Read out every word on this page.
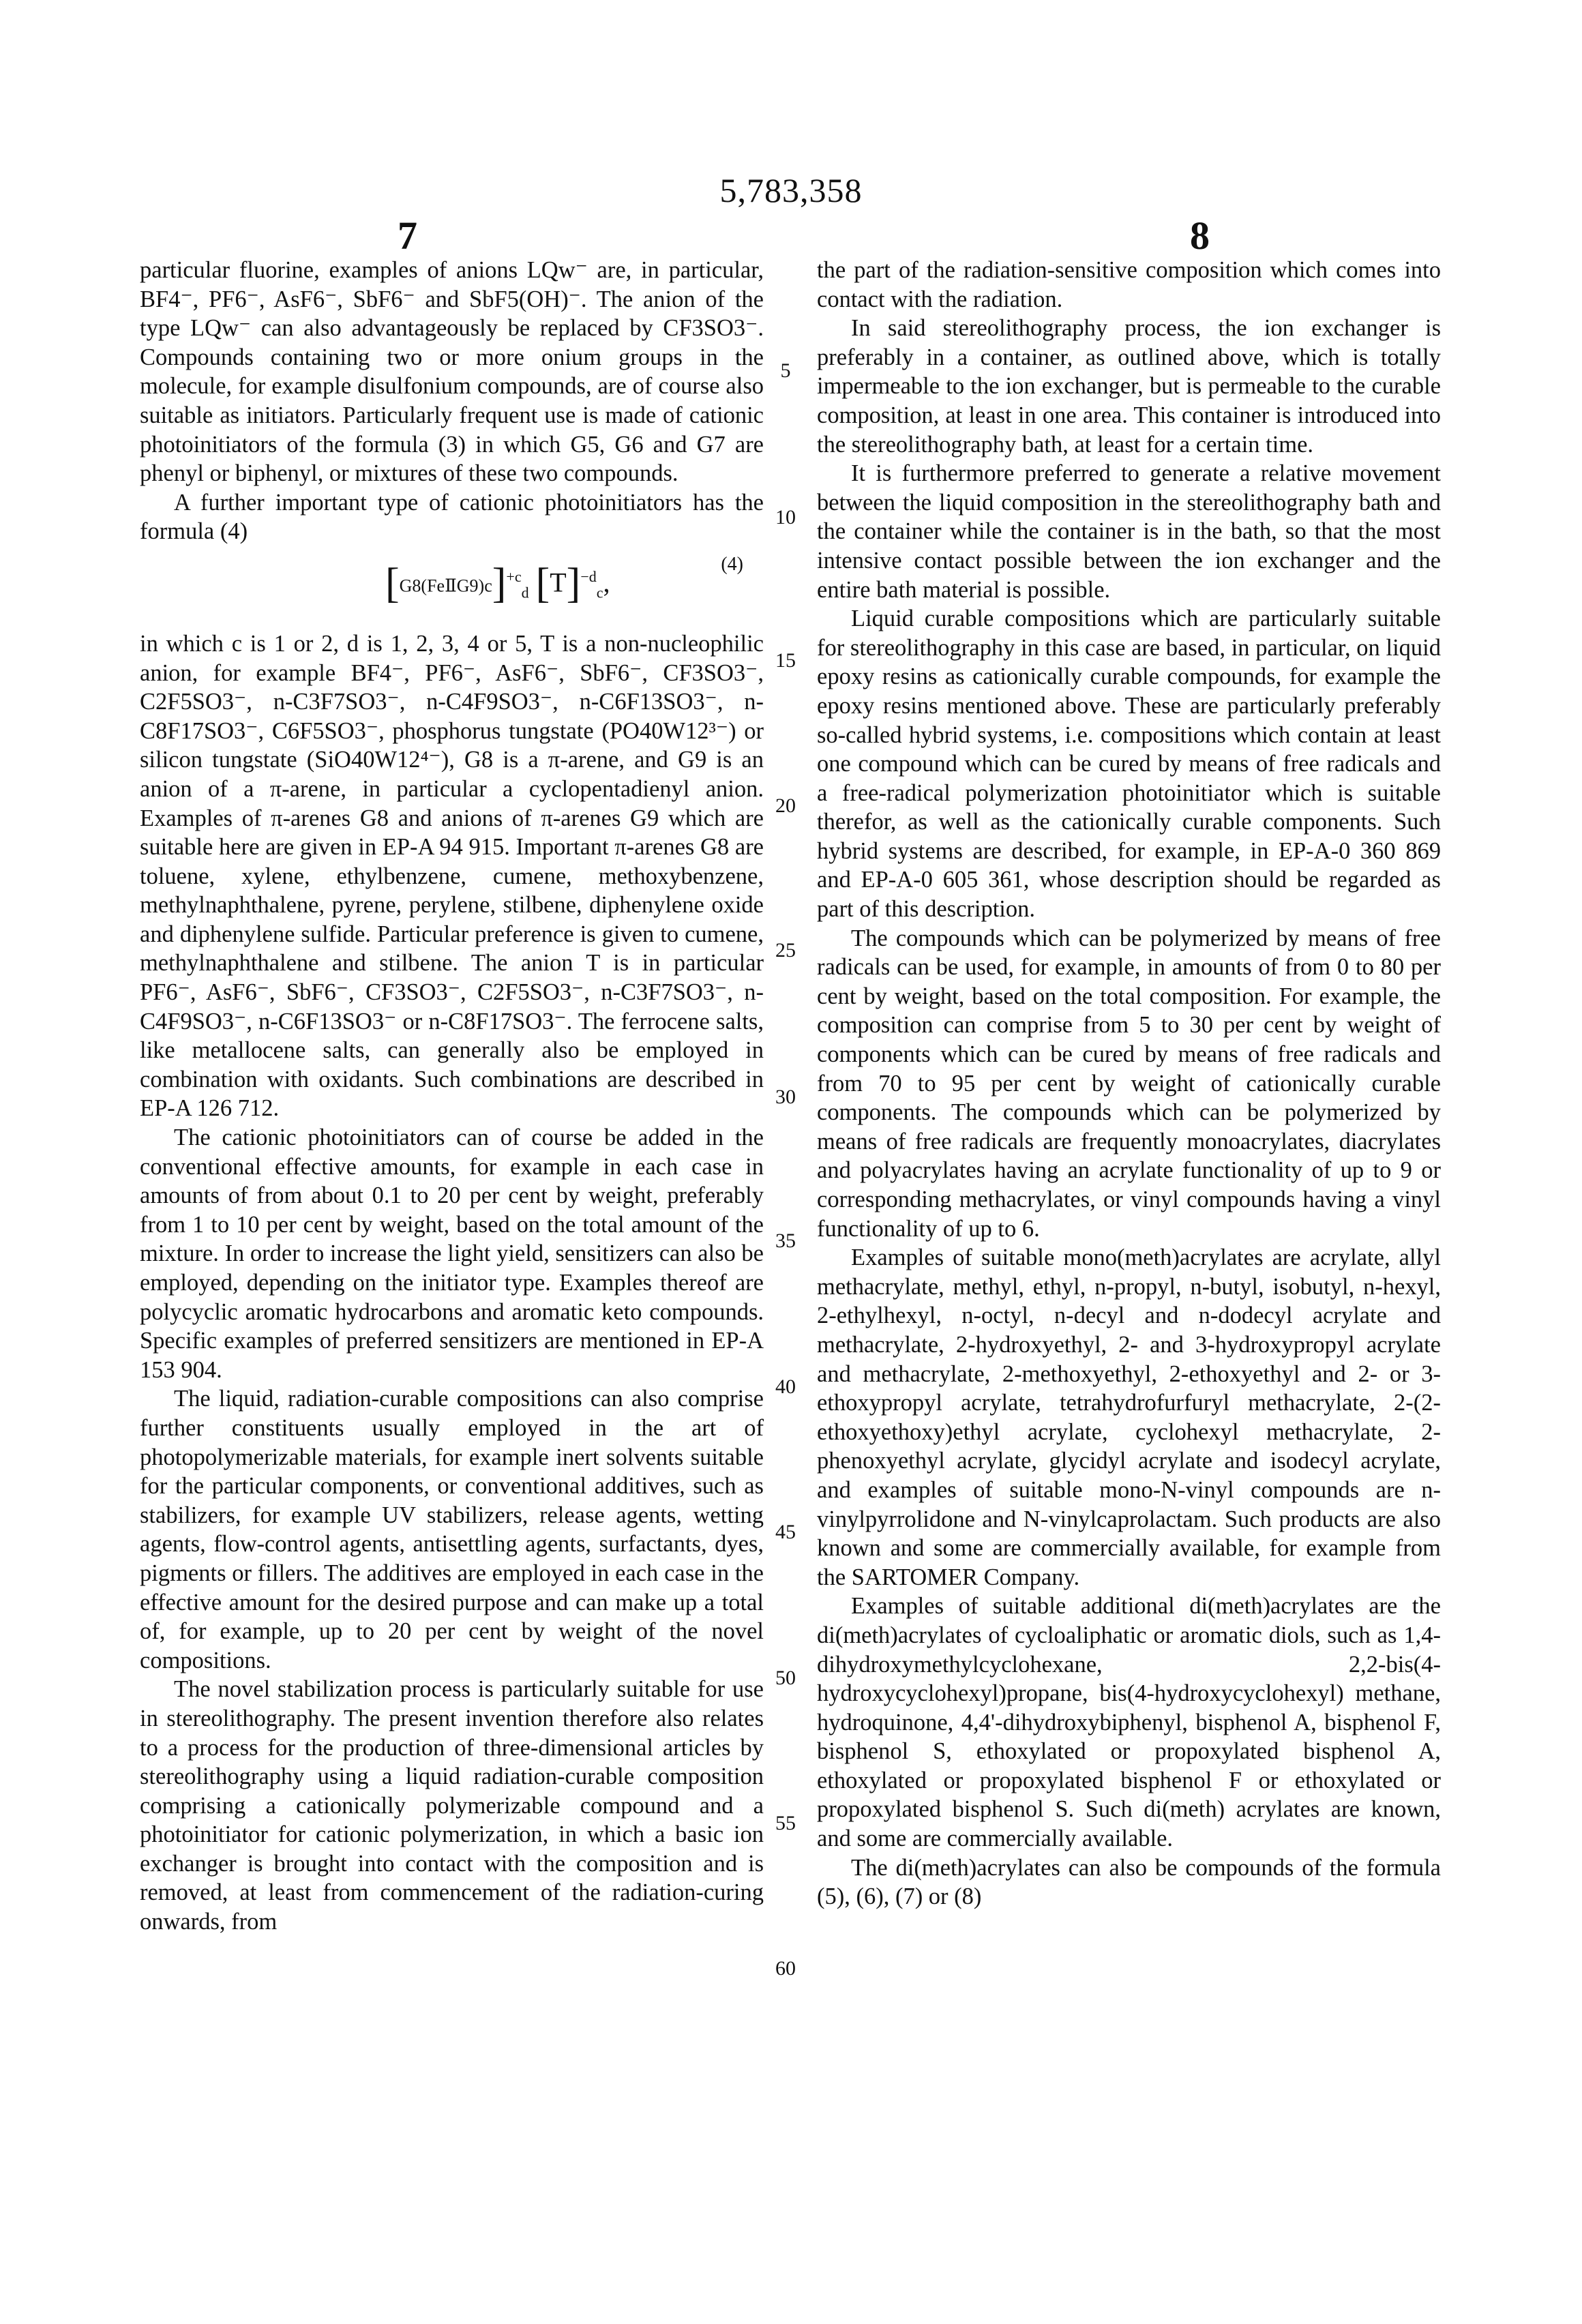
5,783,358
7	8

particular fluorine, examples of anions LQw⁻ are, in particular, BF4⁻, PF6⁻, AsF6⁻, SbF6⁻ and SbF5(OH)⁻. The anion of the type LQw⁻ can also advantageously be replaced by CF3SO3⁻. Compounds containing two or more onium groups in the molecule, for example disulfonium compounds, are of course also suitable as initiators. Particularly frequent use is made of cationic photoinitiators of the formula (3) in which G5, G6 and G7 are phenyl or biphenyl, or mixtures of these two compounds.

A further important type of cationic photoinitiators has the formula (4)

[G8(FeⅡG9)c]+cd [T]−dc,
(4)

in which c is 1 or 2, d is 1, 2, 3, 4 or 5, T is a non-nucleophilic anion, for example BF4⁻, PF6⁻, AsF6⁻, SbF6⁻, CF3SO3⁻, C2F5SO3⁻, n-C3F7SO3⁻, n-C4F9SO3⁻, n-C6F13SO3⁻, n-C8F17SO3⁻, C6F5SO3⁻, phosphorus tungstate (PO40W12³⁻) or silicon tungstate (SiO40W12⁴⁻), G8 is a π-arene, and G9 is an anion of a π-arene, in particular a cyclopentadienyl anion. Examples of π-arenes G8 and anions of π-arenes G9 which are suitable here are given in EP-A 94 915. Important π-arenes G8 are toluene, xylene, ethylbenzene, cumene, methoxybenzene, methylnaphthalene, pyrene, perylene, stilbene, diphenylene oxide and diphenylene sulfide. Particular preference is given to cumene, methylnaphthalene and stilbene. The anion T is in particular PF6⁻, AsF6⁻, SbF6⁻, CF3SO3⁻, C2F5SO3⁻, n-C3F7SO3⁻, n-C4F9SO3⁻, n-C6F13SO3⁻ or n-C8F17SO3⁻. The ferrocene salts, like metallocene salts, can generally also be employed in combination with oxidants. Such combinations are described in EP-A 126 712.

The cationic photoinitiators can of course be added in the conventional effective amounts, for example in each case in amounts of from about 0.1 to 20 per cent by weight, preferably from 1 to 10 per cent by weight, based on the total amount of the mixture. In order to increase the light yield, sensitizers can also be employed, depending on the initiator type. Examples thereof are polycyclic aromatic hydrocarbons and aromatic keto compounds. Specific examples of preferred sensitizers are mentioned in EP-A 153 904.

The liquid, radiation-curable compositions can also comprise further constituents usually employed in the art of photopolymerizable materials, for example inert solvents suitable for the particular components, or conventional additives, such as stabilizers, for example UV stabilizers, release agents, wetting agents, flow-control agents, antisettling agents, surfactants, dyes, pigments or fillers. The additives are employed in each case in the effective amount for the desired purpose and can make up a total of, for example, up to 20 per cent by weight of the novel compositions.

The novel stabilization process is particularly suitable for use in stereolithography. The present invention therefore also relates to a process for the production of three-dimensional articles by stereolithography using a liquid radiation-curable composition comprising a cationically polymerizable compound and a photoinitiator for cationic polymerization, in which a basic ion exchanger is brought into contact with the composition and is removed, at least from commencement of the radiation-curing onwards, from

the part of the radiation-sensitive composition which comes into contact with the radiation.

In said stereolithography process, the ion exchanger is preferably in a container, as outlined above, which is totally impermeable to the ion exchanger, but is permeable to the curable composition, at least in one area. This container is introduced into the stereolithography bath, at least for a certain time.

It is furthermore preferred to generate a relative movement between the liquid composition in the stereolithography bath and the container while the container is in the bath, so that the most intensive contact possible between the ion exchanger and the entire bath material is possible.

Liquid curable compositions which are particularly suitable for stereolithography in this case are based, in particular, on liquid epoxy resins as cationically curable compounds, for example the epoxy resins mentioned above. These are particularly preferably so-called hybrid systems, i.e. compositions which contain at least one compound which can be cured by means of free radicals and a free-radical polymerization photoinitiator which is suitable therefor, as well as the cationically curable components. Such hybrid systems are described, for example, in EP-A-0 360 869 and EP-A-0 605 361, whose description should be regarded as part of this description.

The compounds which can be polymerized by means of free radicals can be used, for example, in amounts of from 0 to 80 per cent by weight, based on the total composition. For example, the composition can comprise from 5 to 30 per cent by weight of components which can be cured by means of free radicals and from 70 to 95 per cent by weight of cationically curable components. The compounds which can be polymerized by means of free radicals are frequently monoacrylates, diacrylates and polyacrylates having an acrylate functionality of up to 9 or corresponding methacrylates, or vinyl compounds having a vinyl functionality of up to 6.

Examples of suitable mono(meth)acrylates are acrylate, allyl methacrylate, methyl, ethyl, n-propyl, n-butyl, isobutyl, n-hexyl, 2-ethylhexyl, n-octyl, n-decyl and n-dodecyl acrylate and methacrylate, 2-hydroxyethyl, 2- and 3-hydroxypropyl acrylate and methacrylate, 2-methoxyethyl, 2-ethoxyethyl and 2- or 3-ethoxypropyl acrylate, tetrahydrofurfuryl methacrylate, 2-(2-ethoxyethoxy)ethyl acrylate, cyclohexyl methacrylate, 2-phenoxyethyl acrylate, glycidyl acrylate and isodecyl acrylate, and examples of suitable mono-N-vinyl compounds are n-vinylpyrrolidone and N-vinylcaprolactam. Such products are also known and some are commercially available, for example from the SARTOMER Company.

Examples of suitable additional di(meth)acrylates are the di(meth)acrylates of cycloaliphatic or aromatic diols, such as 1,4-dihydroxymethylcyclohexane, 2,2-bis(4-hydroxycyclohexyl)propane, bis(4-hydroxycyclohexyl) methane, hydroquinone, 4,4'-dihydroxybiphenyl, bisphenol A, bisphenol F, bisphenol S, ethoxylated or propoxylated bisphenol A, ethoxylated or propoxylated bisphenol F or ethoxylated or propoxylated bisphenol S. Such di(meth) acrylates are known, and some are commercially available.

The di(meth)acrylates can also be compounds of the formula (5), (6), (7) or (8)

5
10
15
20
25
30
35
40
45
50
55
60
